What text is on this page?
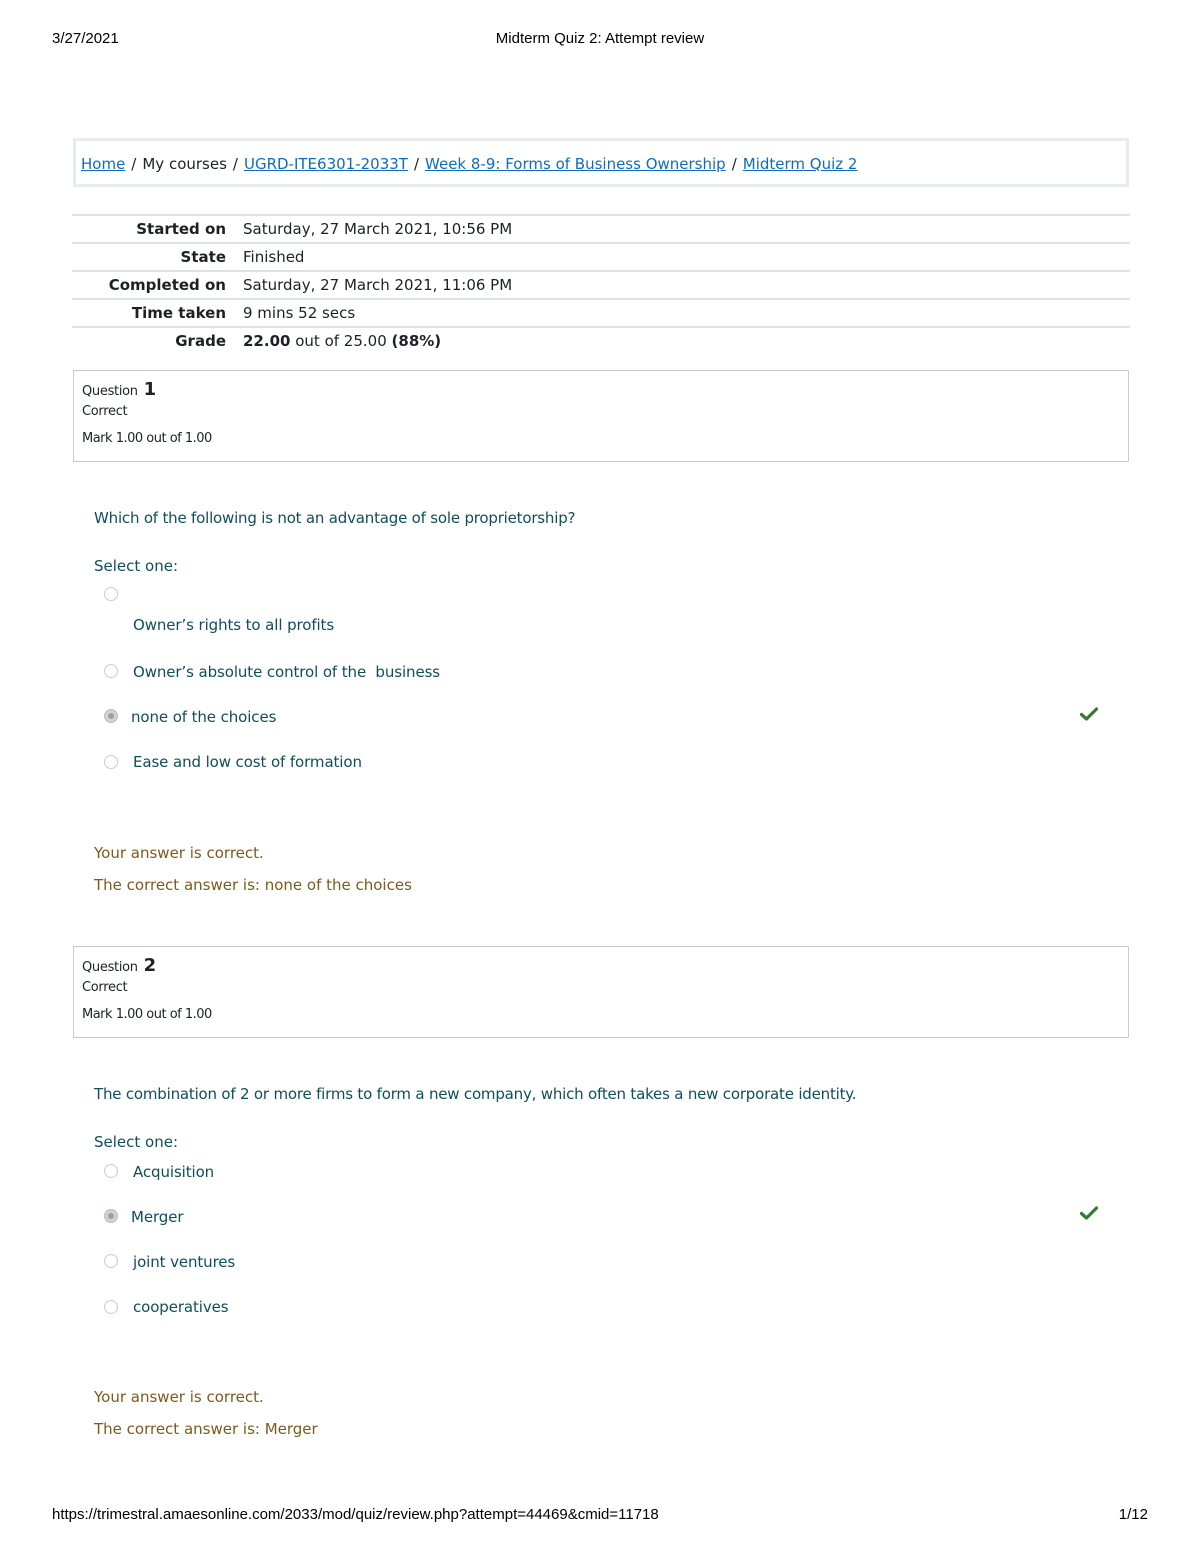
3/27/2021	Midterm Quiz 2: Attempt review
Home / My courses / UGRD-ITE6301-2033T / Week 8-9: Forms of Business Ownership / Midterm Quiz 2
Started on	Saturday, 27 March 2021, 10:56 PM
State	Finished
Completed on	Saturday, 27 March 2021, 11:06 PM
Time taken	9 mins 52 secs
Grade	22.00 out of 25.00 (88%)
Question 1
Correct
Mark 1.00 out of 1.00
Which of the following is not an advantage of sole proprietorship?
Select one:
Owner’s rights to all profits
Owner’s absolute control of the  business
none of the choices
Ease and low cost of formation
Your answer is correct.
The correct answer is: none of the choices
Question 2
Correct
Mark 1.00 out of 1.00
The combination of 2 or more firms to form a new company, which often takes a new corporate identity.
Select one:
Acquisition
Merger
joint ventures
cooperatives
Your answer is correct.
The correct answer is: Merger
https://trimestral.amaesonline.com/2033/mod/quiz/review.php?attempt=44469&cmid=11718	1/12
